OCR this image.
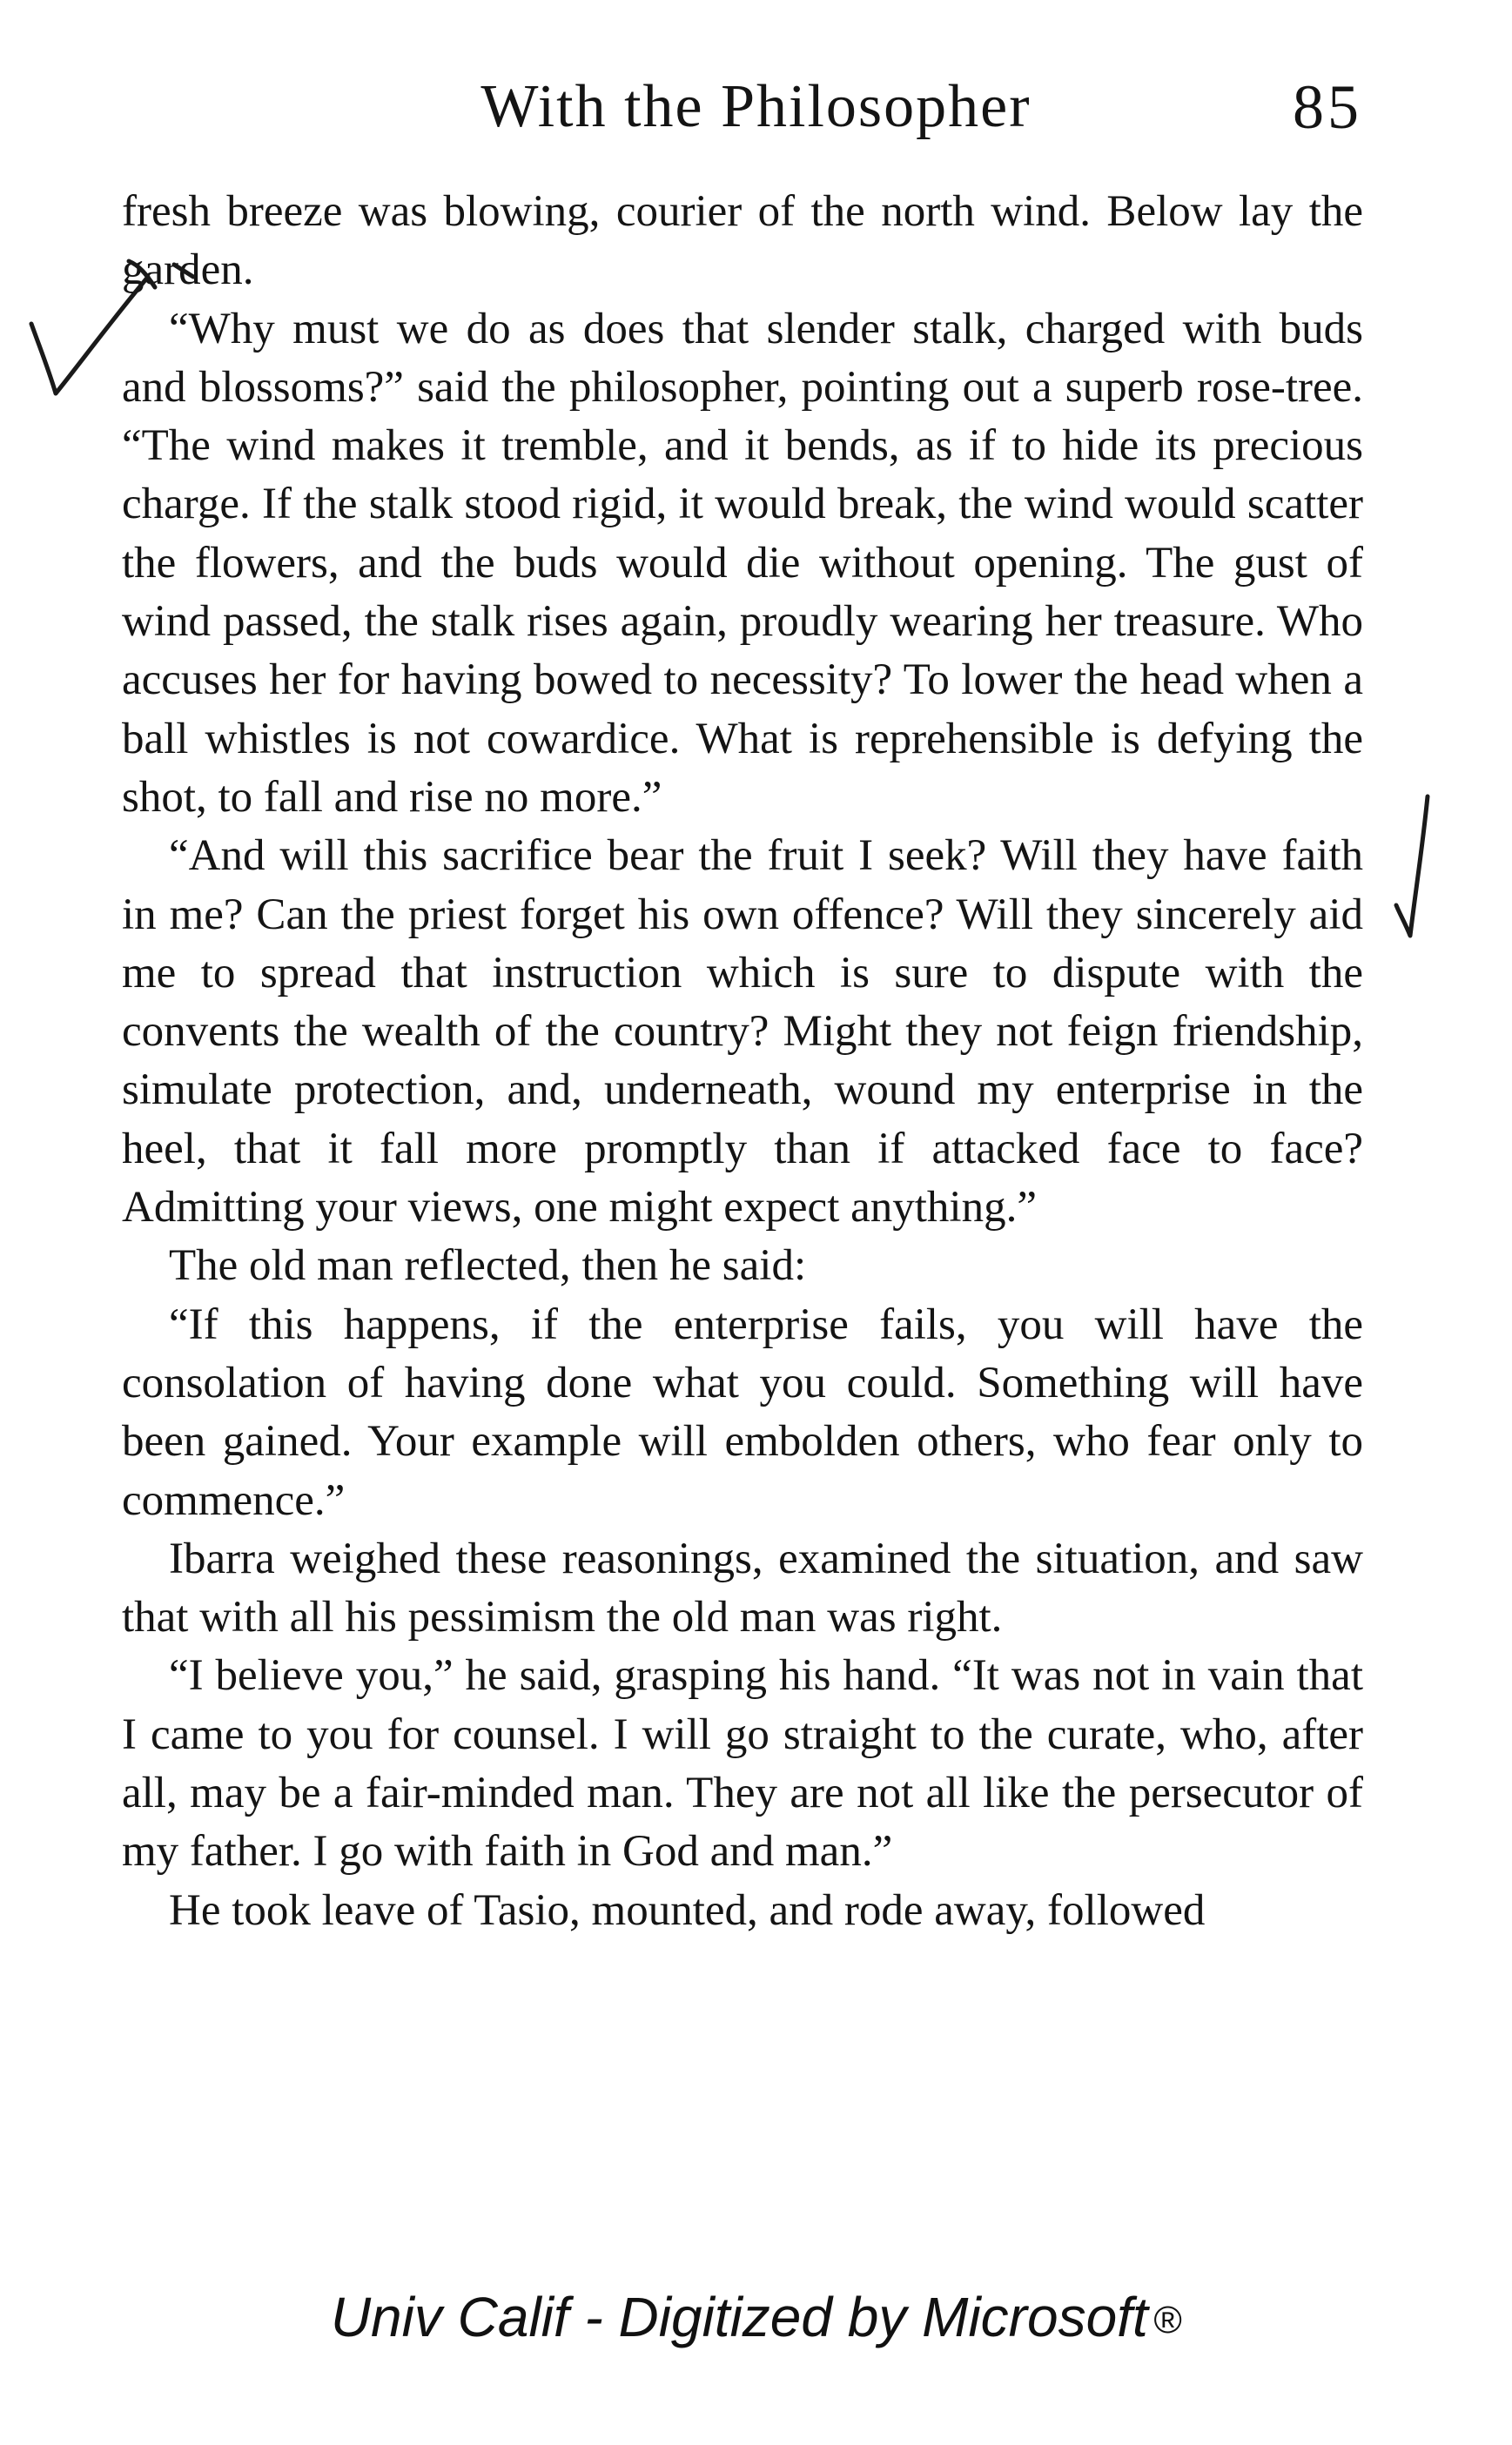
With the Philosopher	85

fresh breeze was blowing, courier of the north wind. Below lay the garden.

“Why must we do as does that slender stalk, charged with buds and blossoms?” said the philosopher, pointing out a superb rose-tree. “The wind makes it tremble, and it bends, as if to hide its precious charge. If the stalk stood rigid, it would break, the wind would scatter the flowers, and the buds would die without opening. The gust of wind passed, the stalk rises again, proudly wearing her treasure. Who accuses her for having bowed to necessity? To lower the head when a ball whistles is not cowardice. What is reprehensible is defying the shot, to fall and rise no more.”

“And will this sacrifice bear the fruit I seek? Will they have faith in me? Can the priest forget his own offence? Will they sincerely aid me to spread that instruction which is sure to dispute with the convents the wealth of the country? Might they not feign friendship, simulate protection, and, underneath, wound my enterprise in the heel, that it fall more promptly than if attacked face to face? Admitting your views, one might expect anything.”

The old man reflected, then he said:

“If this happens, if the enterprise fails, you will have the consolation of having done what you could. Something will have been gained. Your example will embolden others, who fear only to commence.”

Ibarra weighed these reasonings, examined the situation, and saw that with all his pessimism the old man was right.

“I believe you,” he said, grasping his hand. “It was not in vain that I came to you for counsel. I will go straight to the curate, who, after all, may be a fair-minded man. They are not all like the persecutor of my father. I go with faith in God and man.”

He took leave of Tasio, mounted, and rode away, followed

Univ Calif - Digitized by Microsoft ®
